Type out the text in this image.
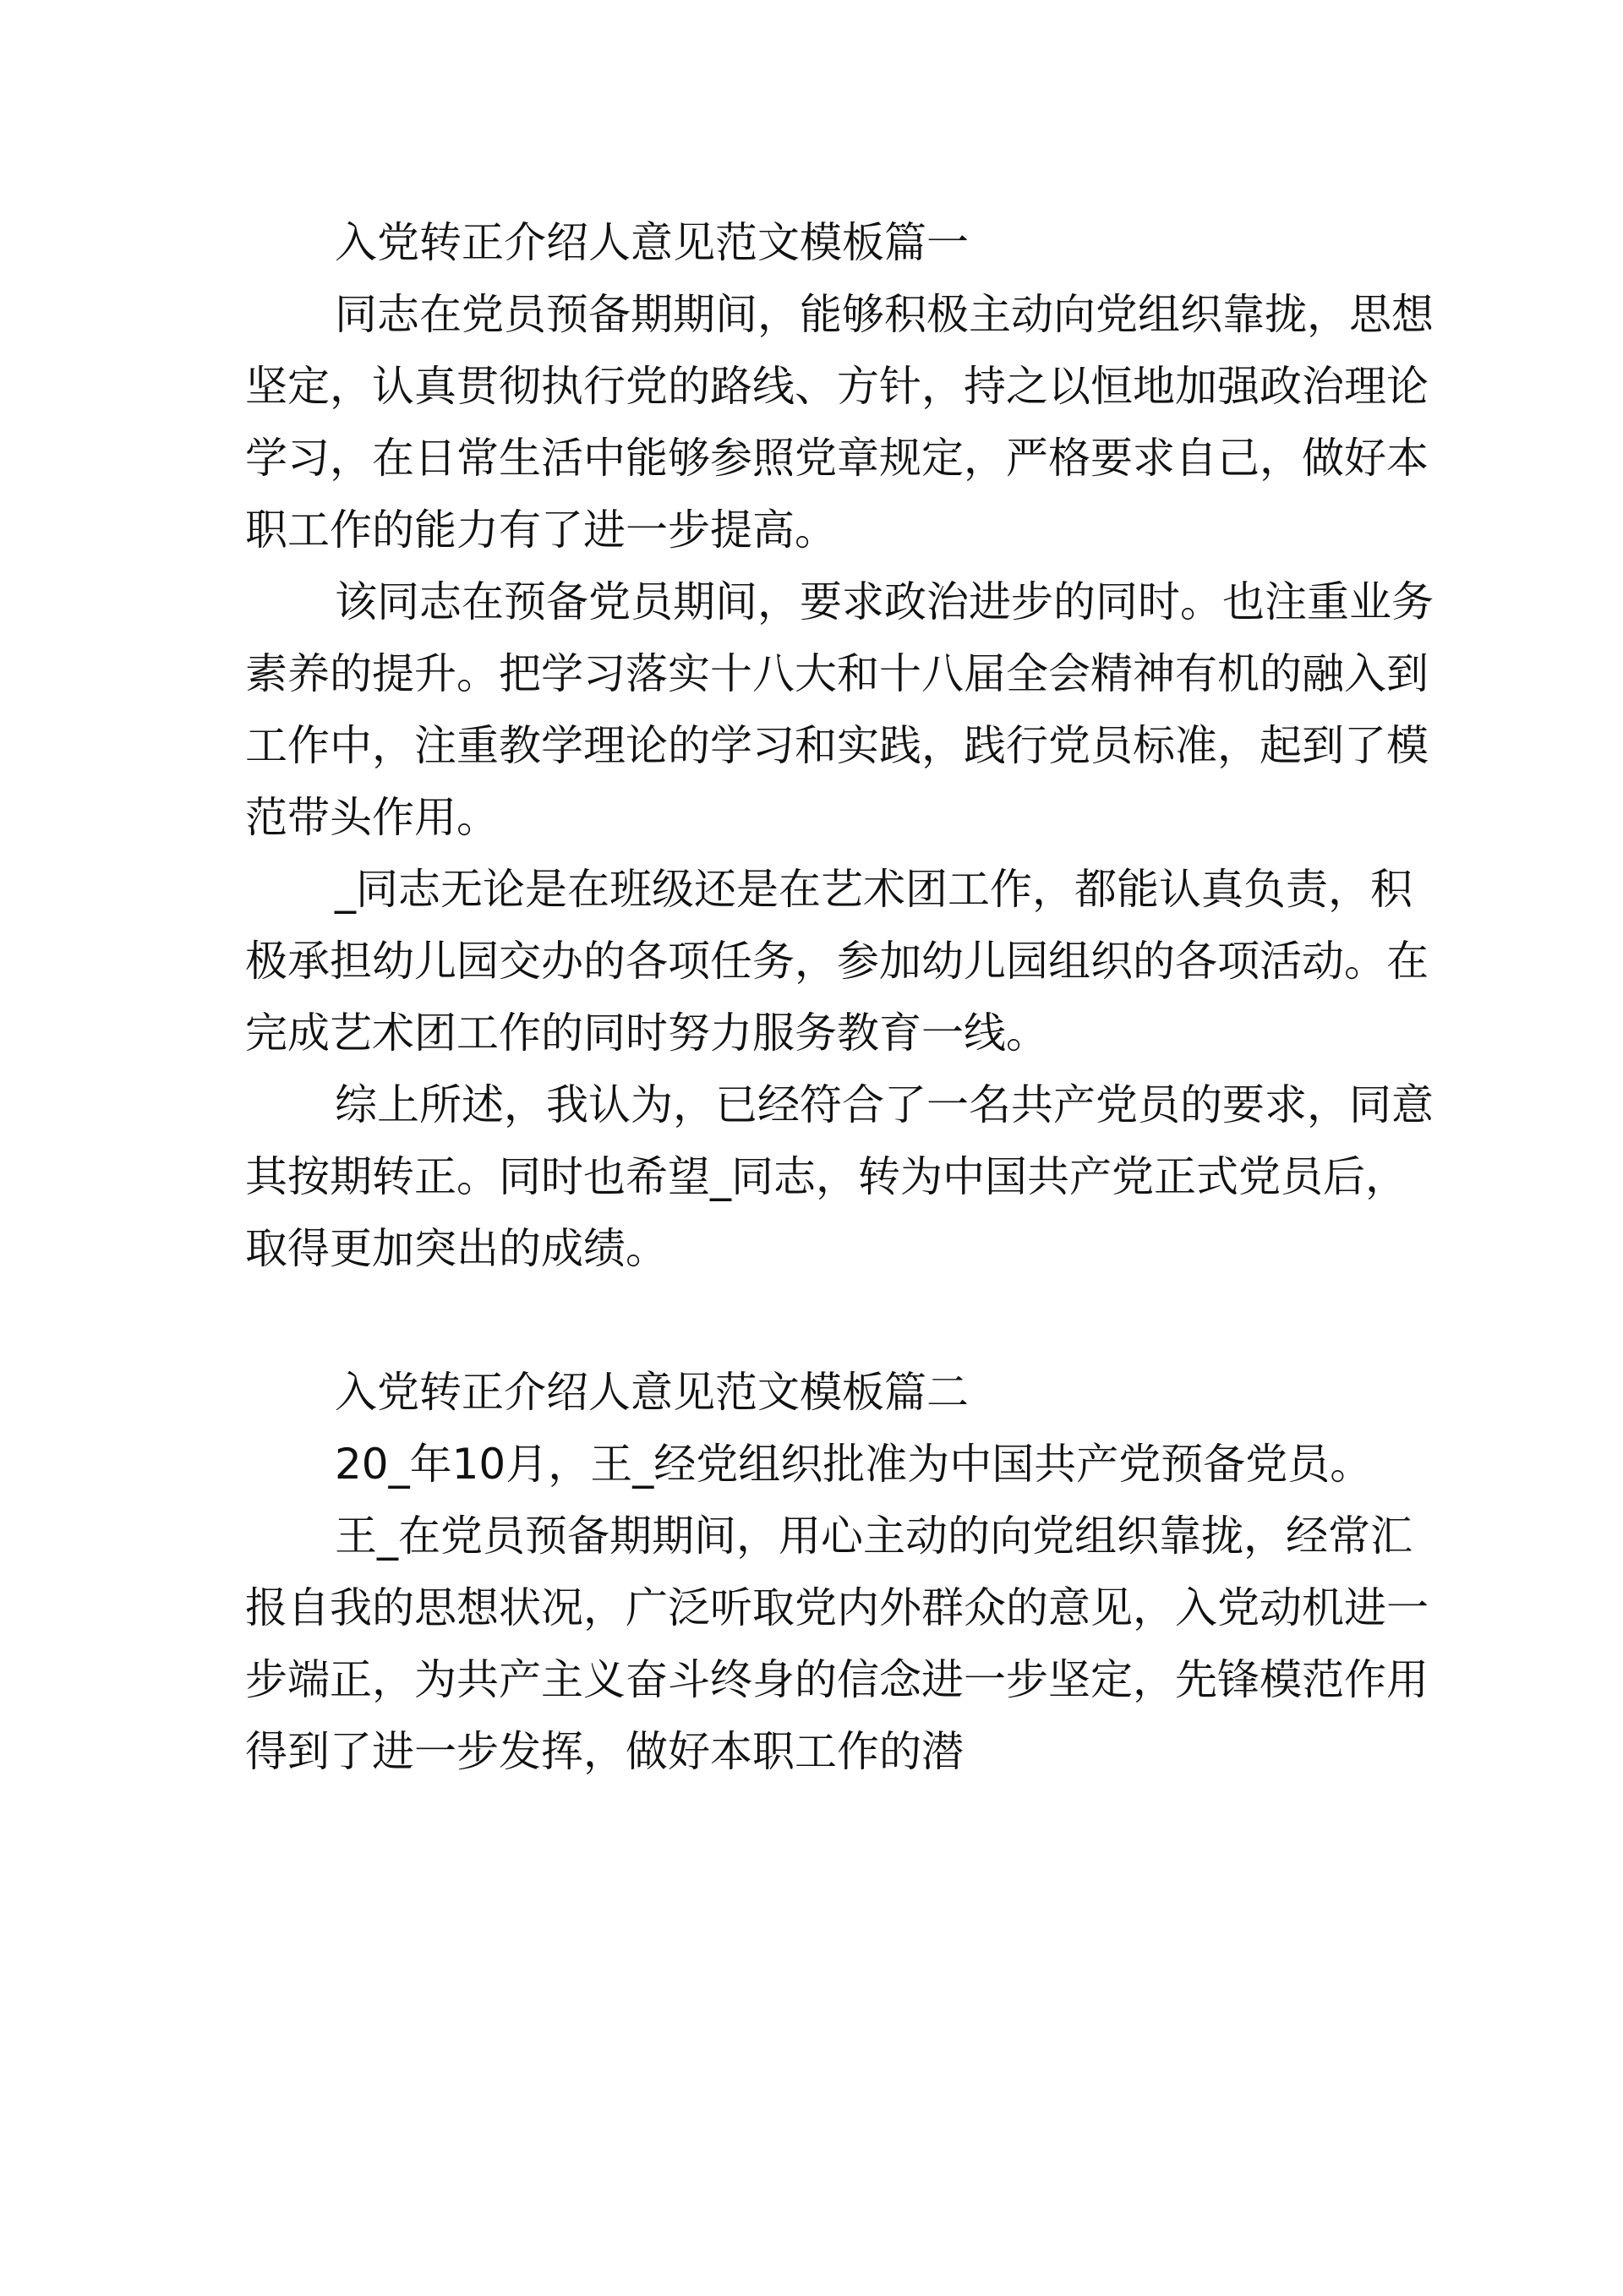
入党转正介绍人意见范文模板篇一

同志在党员预备期期间，能够积极主动向党组织靠拢，思想坚定，认真贯彻执行党的路线、方针，持之以恒地加强政治理论学习，在日常生活中能够参照党章规定，严格要求自己，做好本职工作的能力有了进一步提高。

该同志在预备党员期间，要求政治进步的同时。也注重业务素养的提升。把学习落实十八大和十八届全会精神有机的融入到工作中，注重教学理论的学习和实践，践行党员标准，起到了模范带头作用。

_同志无论是在班级还是在艺术团工作，都能认真负责，积极承担幼儿园交办的各项任务，参加幼儿园组织的各项活动。在完成艺术团工作的同时努力服务教育一线。

综上所述，我认为，已经符合了一名共产党员的要求，同意其按期转正。同时也希望_同志，转为中国共产党正式党员后，取得更加突出的成绩。

入党转正介绍人意见范文模板篇二

20_年10月，王_经党组织批准为中国共产党预备党员。

王_在党员预备期期间，用心主动的向党组织靠拢，经常汇报自我的思想状况，广泛听取党内外群众的意见，入党动机进一步端正，为共产主义奋斗终身的信念进一步坚定，先锋模范作用得到了进一步发挥，做好本职工作的潜
